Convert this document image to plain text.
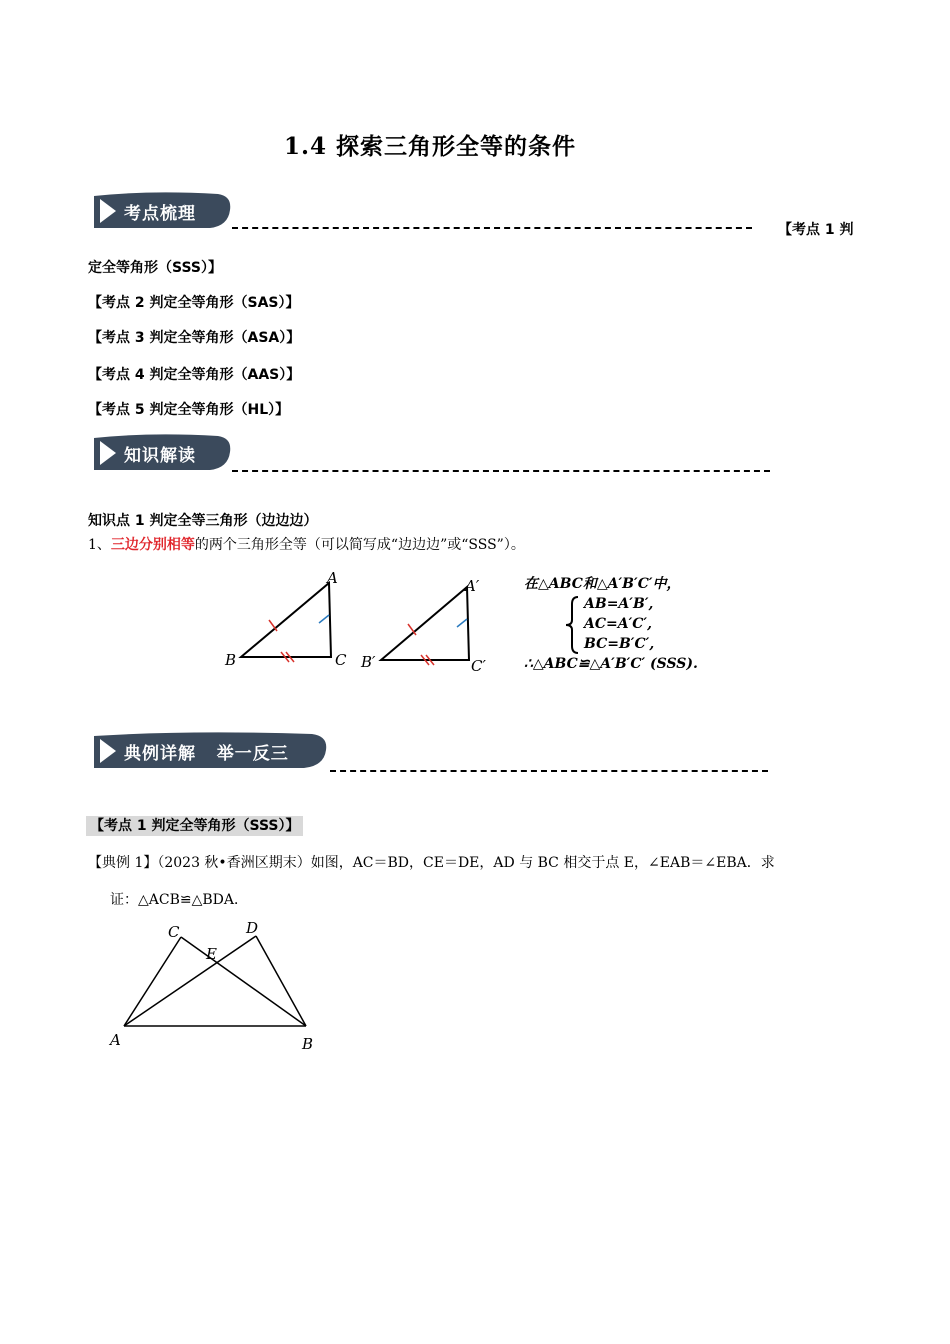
1.4 探索三角形全等的条件
考点梳理
【考点 1 判
定全等角形（SSS）】
【考点 2 判定全等角形（SAS）】
【考点 3 判定全等角形（ASA）】
【考点 4 判定全等角形（AAS）】
【考点 5 判定全等角形（HL）】
知识解读
知识点 1 判定全等三角形（边边边）
1、三边分别相等的两个三角形全等（可以简写成“边边边”或“SSS”）。
B
A
C B′
A′
C′
在△ABC和△A′B′C′中，
AB=A′B′,
AC=A′C′,
BC=B′C′,
∴△ABC≌△A′B′C′ (SSS).
典例详解   举一反三
【考点 1 判定全等角形（SSS）】
【典例 1】（2023 秋•香洲区期末）如图，AC＝BD，CE＝DE，AD 与 BC 相交于点 E，∠EAB＝∠EBA．求
证：△ACB≌△BDA．
A	B
C	D
E
